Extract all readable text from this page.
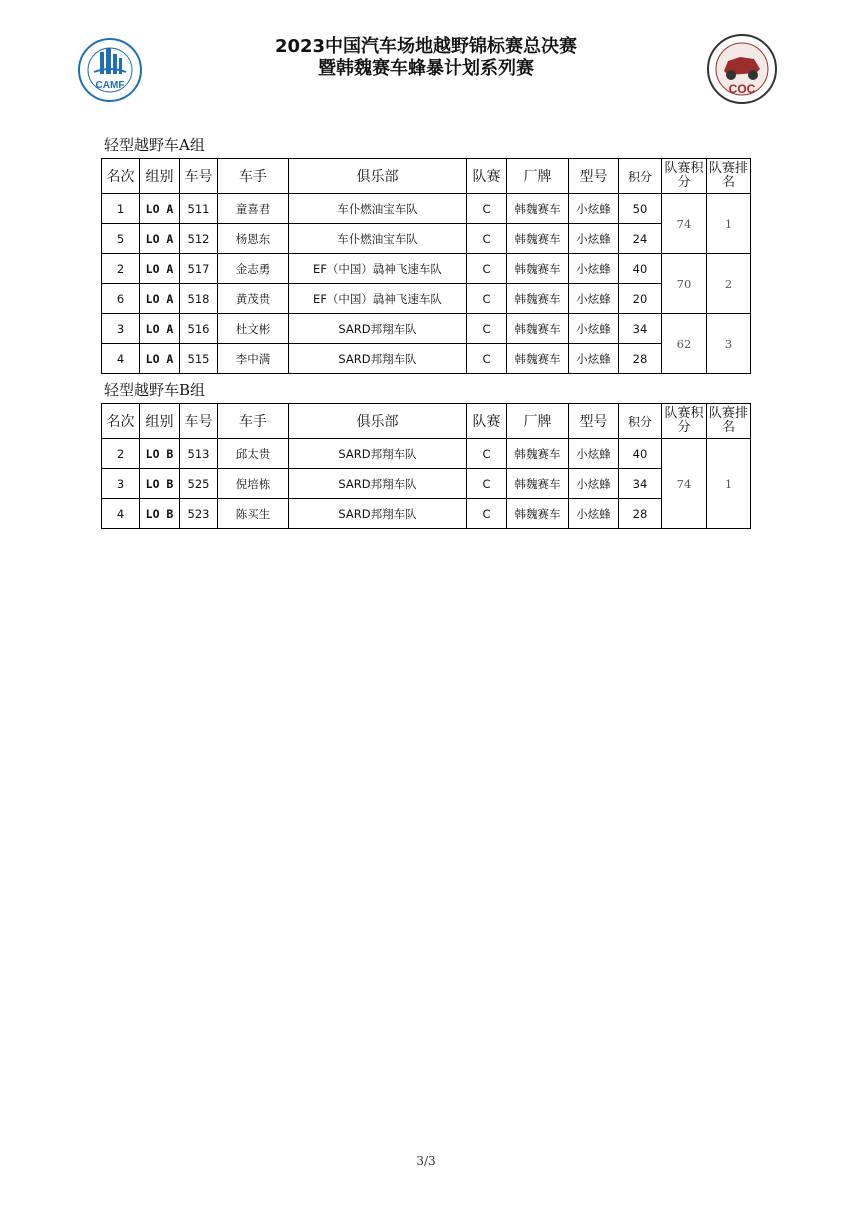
CAMF
2023中国汽车场地越野锦标赛总决赛
暨韩魏赛车蜂暴计划系列赛
COC
轻型越野车A组
名次	组别	车号	车手	俱乐部	队赛	厂牌	型号	积分	队赛积分	队赛排名
1	LO A	511	童喜君	车仆燃油宝车队	C	韩魏赛车	小炫蜂	50	74	1
5	LO A	512	杨恩东	车仆燃油宝车队	C	韩魏赛车	小炫蜂	24		
2	LO A	517	金志勇	EF（中国）骉神飞速车队	C	韩魏赛车	小炫蜂	40	70	2
6	LO A	518	黄茂贵	EF（中国）骉神飞速车队	C	韩魏赛车	小炫蜂	20		
3	LO A	516	杜文彬	SARD邦翔车队	C	韩魏赛车	小炫蜂	34	62	3
4	LO A	515	李中满	SARD邦翔车队	C	韩魏赛车	小炫蜂	28		
轻型越野车B组
名次	组别	车号	车手	俱乐部	队赛	厂牌	型号	积分	队赛积分	队赛排名
2	LO B	513	邱太贵	SARD邦翔车队	C	韩魏赛车	小炫蜂	40	74	1
3	LO B	525	倪培栋	SARD邦翔车队	C	韩魏赛车	小炫蜂	34		
4	LO B	523	陈买生	SARD邦翔车队	C	韩魏赛车	小炫蜂	28		
3/3
